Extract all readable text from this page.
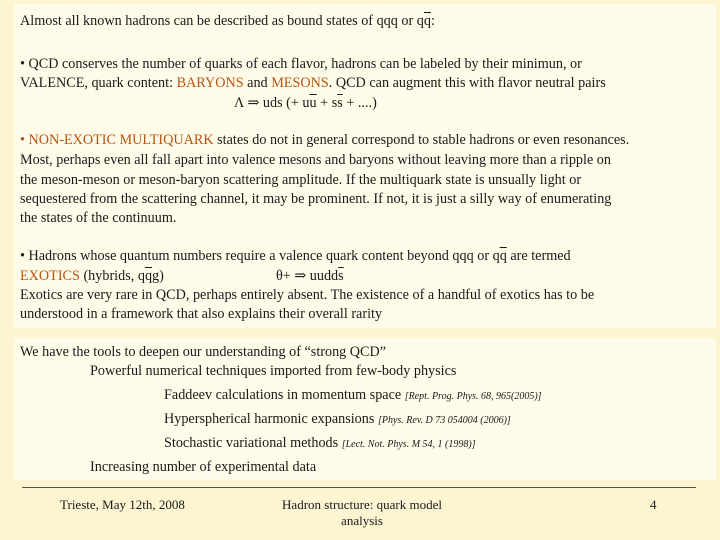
Almost all known hadrons can be described as bound states of qqq or $q\overline{q}$:
• QCD conserves the number of quarks of each flavor, hadrons can be labeled by their minimun, or
VALENCE, quark content: BARYONS and MESONS. QCD can augment this with flavor neutral pairs
Λ ⇒ uds (+ $u\overline{u} + s\overline{s}$ + ....)
• NON-EXOTIC MULTIQUARK states do not in general correspond to stable hadrons or even resonances.
Most, perhaps even all fall apart into valence mesons and baryons without leaving more than a ripple on
the meson-meson or meson-baryon scattering amplitude. If the multiquark state is unsually light or
sequestered from the scattering channel, it may be prominent. If not, it is just a silly way of enumerating
the states of the continuum.
• Hadrons whose quantum numbers require a valence quark content beyond qqq or $q\overline{q}$ are termed
EXOTICS (hybrids, $q\overline{q}g$)	θ+ ⇒ $uudd\overline{s}$
Exotics are very rare in QCD, perhaps entirely absent. The existence of a handful of exotics has to be
understood in a framework that also explains their overall rarity
We have the tools to deepen our understanding of “strong QCD”
Powerful numerical techniques imported from few-body physics
Faddeev calculations in momentum space [Rept. Prog. Phys. 68, 965(2005)]
Hyperspherical harmonic expansions [Phys. Rev. D 73 054004 (2006)]
Stochastic variational methods [Lect. Not. Phys. M 54, 1 (1998)]
Increasing number of experimental data
Trieste, May 12th, 2008	Hadron structure: quark model
analysis
4
